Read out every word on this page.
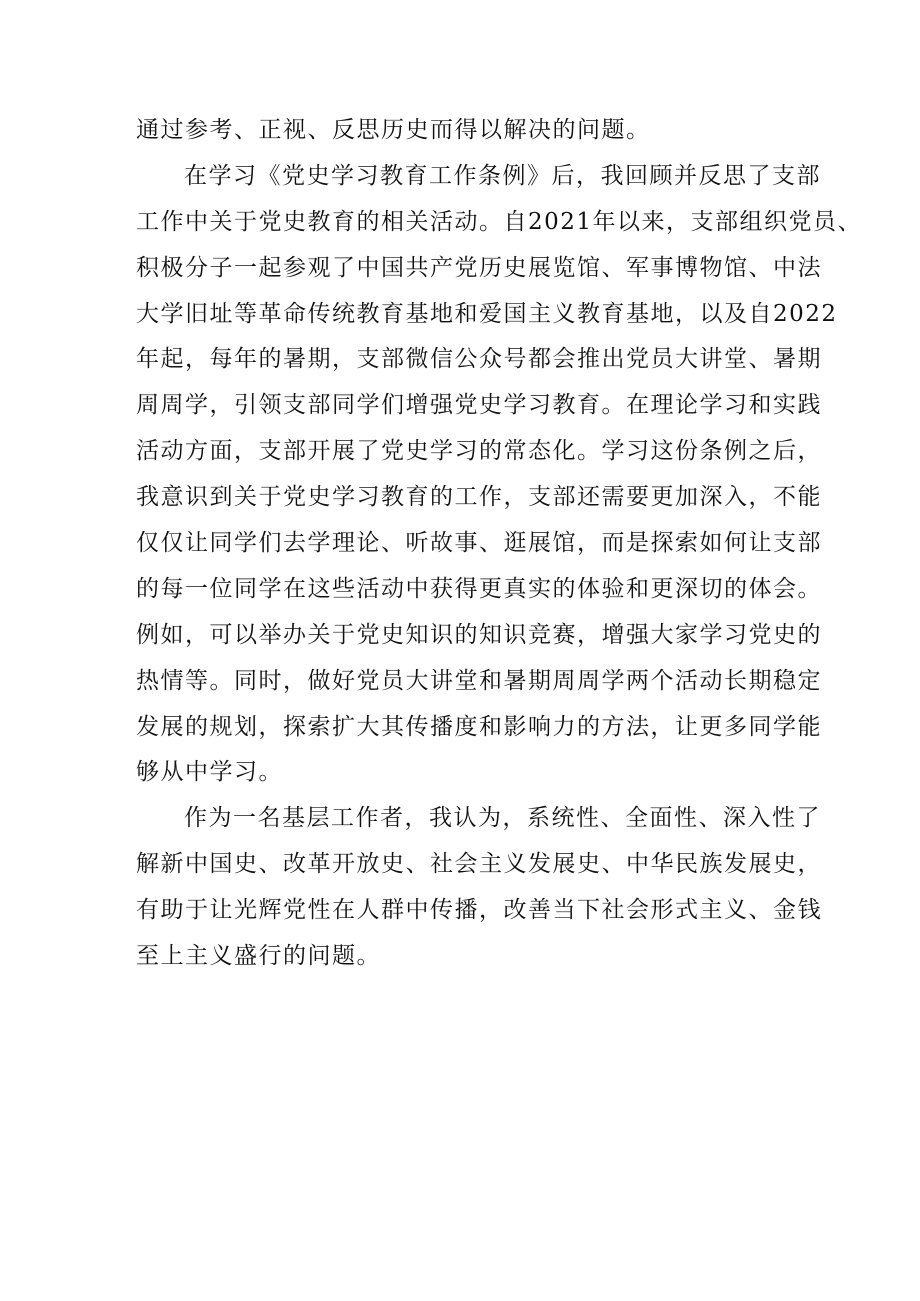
通过参考、正视、反思历史而得以解决的问题。
在学习《党史学习教育工作条例》后，我回顾并反思了支部
工作中关于党史教育的相关活动。自2021年以来，支部组织党员、
积极分子一起参观了中国共产党历史展览馆、军事博物馆、中法
大学旧址等革命传统教育基地和爱国主义教育基地，以及自2022
年起，每年的暑期，支部微信公众号都会推出党员大讲堂、暑期
周周学，引领支部同学们增强党史学习教育。在理论学习和实践
活动方面，支部开展了党史学习的常态化。学习这份条例之后，
我意识到关于党史学习教育的工作，支部还需要更加深入，不能
仅仅让同学们去学理论、听故事、逛展馆，而是探索如何让支部
的每一位同学在这些活动中获得更真实的体验和更深切的体会。
例如，可以举办关于党史知识的知识竞赛，增强大家学习党史的
热情等。同时，做好党员大讲堂和暑期周周学两个活动长期稳定
发展的规划，探索扩大其传播度和影响力的方法，让更多同学能
够从中学习。
作为一名基层工作者，我认为，系统性、全面性、深入性了
解新中国史、改革开放史、社会主义发展史、中华民族发展史，
有助于让光辉党性在人群中传播，改善当下社会形式主义、金钱
至上主义盛行的问题。
